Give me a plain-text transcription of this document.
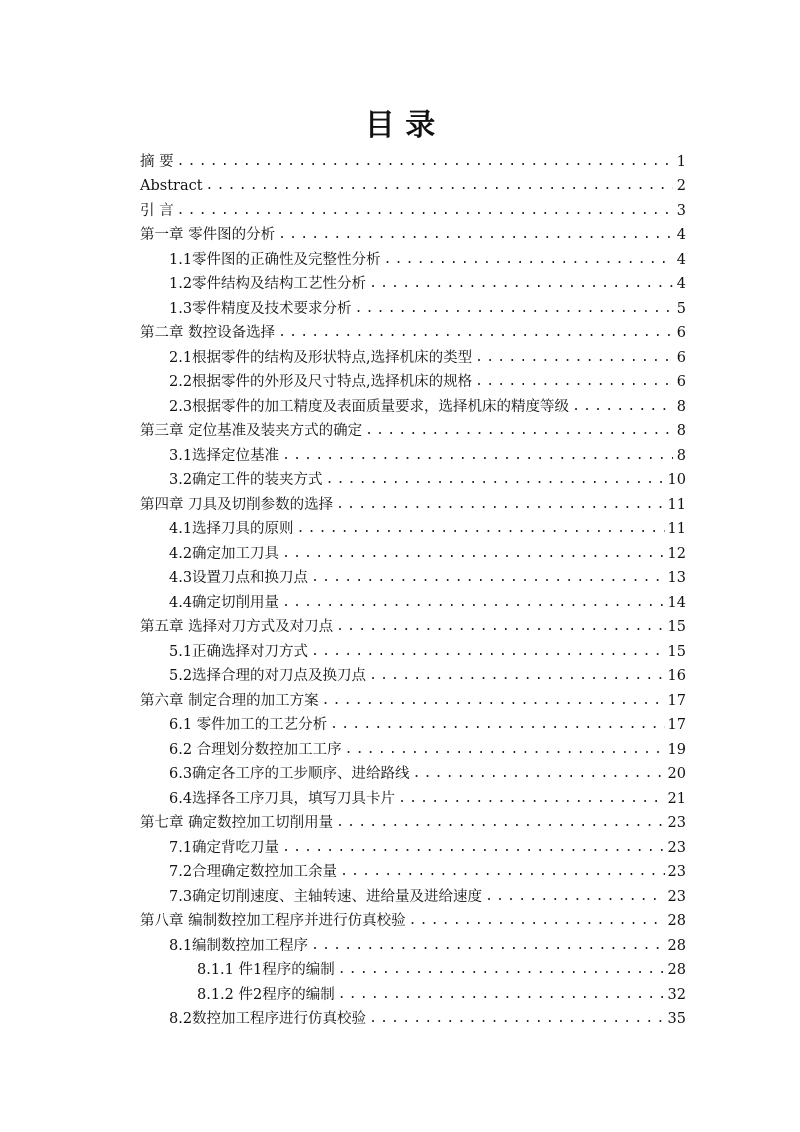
目 录
摘 要 . . .	1
Abstract . . .	2
引 言 . . .	3
第一章 零件图的分析 . . .	4
1.1零件图的正确性及完整性分析 . . .	4
1.2零件结构及结构工艺性分析 . . .	4
1.3零件精度及技术要求分析 . . .	5
第二章 数控设备选择 . . .	6
2.1根据零件的结构及形状特点,选择机床的类型 . . .	6
2.2根据零件的外形及尺寸特点,选择机床的规格 . . .	6
2.3根据零件的加工精度及表面质量要求，选择机床的精度等级 . . .	8
第三章 定位基准及装夹方式的确定 . . .	8
3.1选择定位基准 . . .	8
3.2确定工件的装夹方式 . . .	10
第四章 刀具及切削参数的选择 . . .	11
4.1选择刀具的原则 . . .	11
4.2确定加工刀具 . . .	12
4.3设置刀点和换刀点 . . .	13
4.4确定切削用量 . . .	14
第五章 选择对刀方式及对刀点 . . .	15
5.1正确选择对刀方式 . . .	15
5.2选择合理的对刀点及换刀点 . . .	16
第六章 制定合理的加工方案 . . .	17
6.1 零件加工的工艺分析 . . .	17
6.2 合理划分数控加工工序 . . .	19
6.3确定各工序的工步顺序、进给路线 . . .	20
6.4选择各工序刀具，填写刀具卡片 . . .	21
第七章 确定数控加工切削用量 . . .	23
7.1确定背吃刀量 . . .	23
7.2合理确定数控加工余量 . . .	23
7.3确定切削速度、主轴转速、进给量及进给速度 . . .	23
第八章 编制数控加工程序并进行仿真校验 . . .	28
8.1编制数控加工程序 . . .	28
8.1.1 件1程序的编制 . . .	28
8.1.2 件2程序的编制 . . .	32
8.2数控加工程序进行仿真校验 . . .	35
